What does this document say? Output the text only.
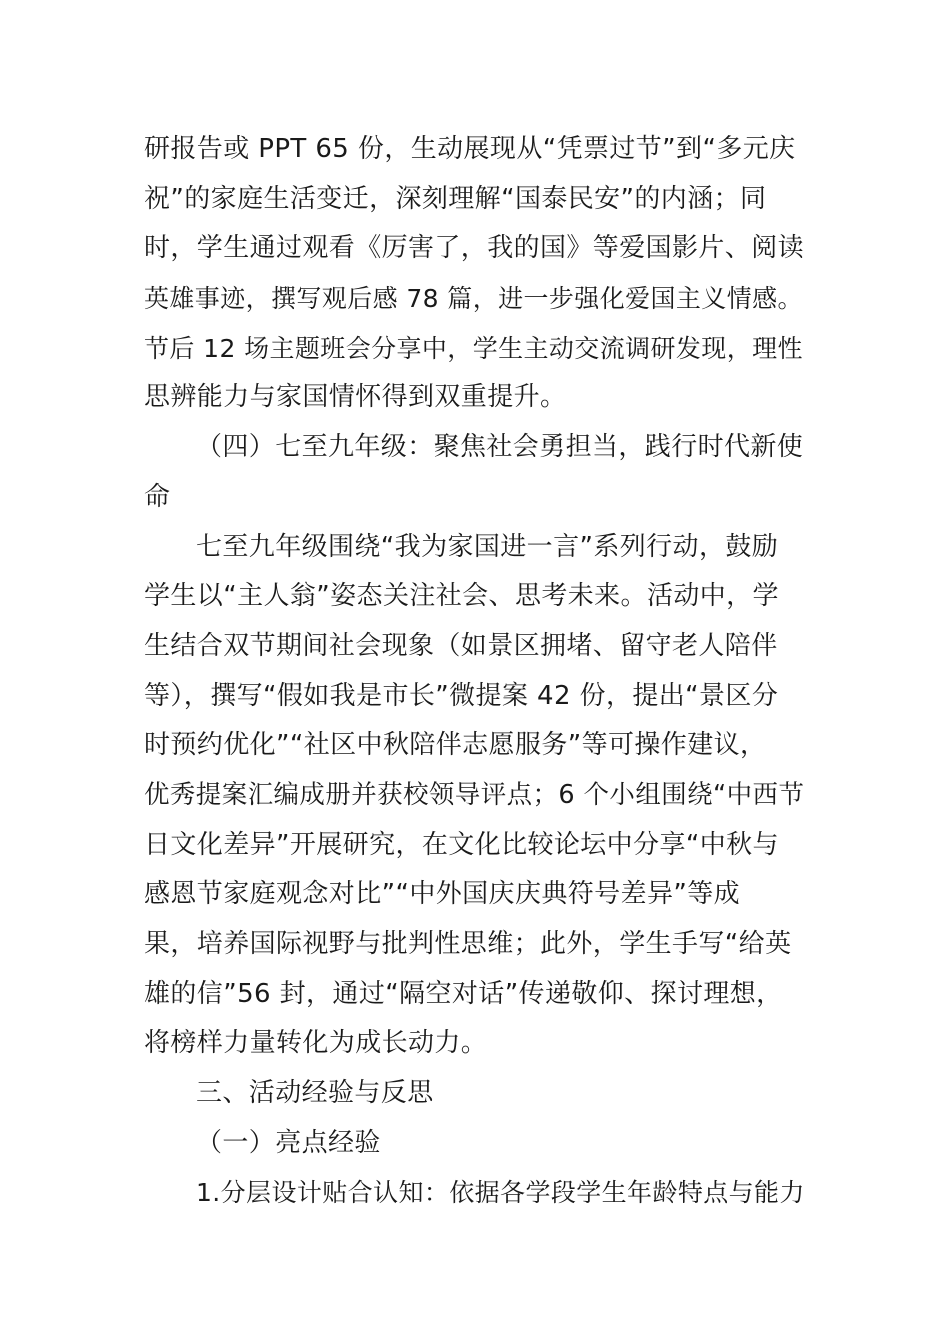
研报告或 PPT 65 份，生动展现从“凭票过节”到“多元庆
祝”的家庭生活变迁，深刻理解“国泰民安”的内涵；同
时，学生通过观看《厉害了，我的国》等爱国影片、阅读
英雄事迹，撰写观后感 78 篇，进一步强化爱国主义情感。
节后 12 场主题班会分享中，学生主动交流调研发现，理性
思辨能力与家国情怀得到双重提升。
（四）七至九年级：聚焦社会勇担当，践行时代新使
命
七至九年级围绕“我为家国进一言”系列行动，鼓励
学生以“主人翁”姿态关注社会、思考未来。活动中，学
生结合双节期间社会现象（如景区拥堵、留守老人陪伴
等），撰写“假如我是市长”微提案 42 份，提出“景区分
时预约优化”“社区中秋陪伴志愿服务”等可操作建议，
优秀提案汇编成册并获校领导评点；6 个小组围绕“中西节
日文化差异”开展研究，在文化比较论坛中分享“中秋与
感恩节家庭观念对比”“中外国庆庆典符号差异”等成
果，培养国际视野与批判性思维；此外，学生手写“给英
雄的信”56 封，通过“隔空对话”传递敬仰、探讨理想，
将榜样力量转化为成长动力。
三、活动经验与反思
（一）亮点经验
1.分层设计贴合认知：依据各学段学生年龄特点与能力
